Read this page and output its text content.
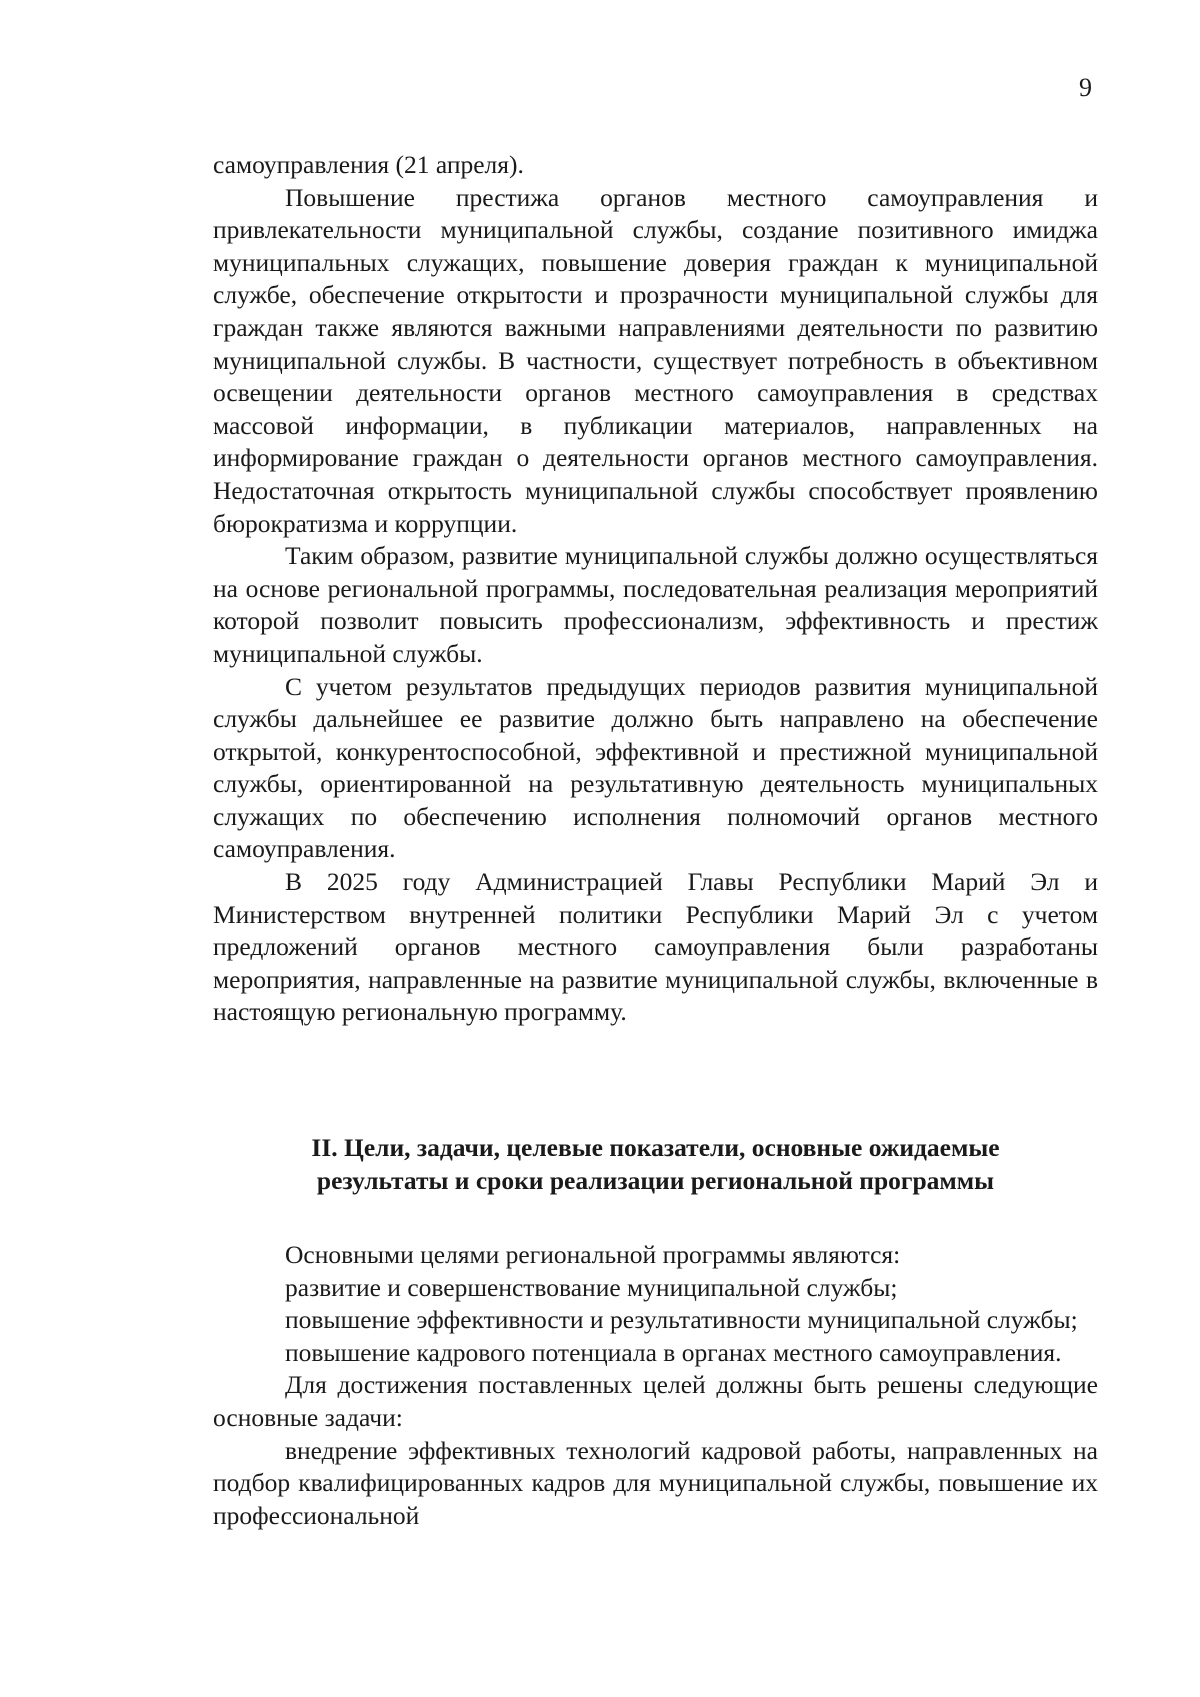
9

самоуправления (21 апреля).

Повышение престижа органов местного самоуправления и привлекательности муниципальной службы, создание позитивного имиджа муниципальных служащих, повышение доверия граждан к муниципальной службе, обеспечение открытости и прозрачности муниципальной службы для граждан также являются важными направлениями деятельности по развитию муниципальной службы. В частности, существует потребность в объективном освещении деятельности органов местного самоуправления в средствах массовой информации, в публикации материалов, направленных на информирование граждан о деятельности органов местного самоуправления. Недостаточная открытость муниципальной службы способствует проявлению бюрократизма и коррупции.

Таким образом, развитие муниципальной службы должно осуществляться на основе региональной программы, последовательная реализация мероприятий которой позволит повысить профессионализм, эффективность и престиж муниципальной службы.

С учетом результатов предыдущих периодов развития муниципальной службы дальнейшее ее развитие должно быть направлено на обеспечение открытой, конкурентоспособной, эффективной и престижной муниципальной службы, ориентированной на результативную деятельность муниципальных служащих по обеспечению исполнения полномочий органов местного самоуправления.

В 2025 году Администрацией Главы Республики Марий Эл и Министерством внутренней политики Республики Марий Эл с учетом предложений органов местного самоуправления были разработаны мероприятия, направленные на развитие муниципальной службы, включенные в настоящую региональную программу.

II. Цели, задачи, целевые показатели, основные ожидаемые
результаты и сроки реализации региональной программы

Основными целями региональной программы являются:

развитие и совершенствование муниципальной службы;

повышение эффективности и результативности муниципальной службы;

повышение кадрового потенциала в органах местного самоуправления.

Для достижения поставленных целей должны быть решены следующие основные задачи:

внедрение эффективных технологий кадровой работы, направленных на подбор квалифицированных кадров для муниципальной службы, повышение их профессиональной
